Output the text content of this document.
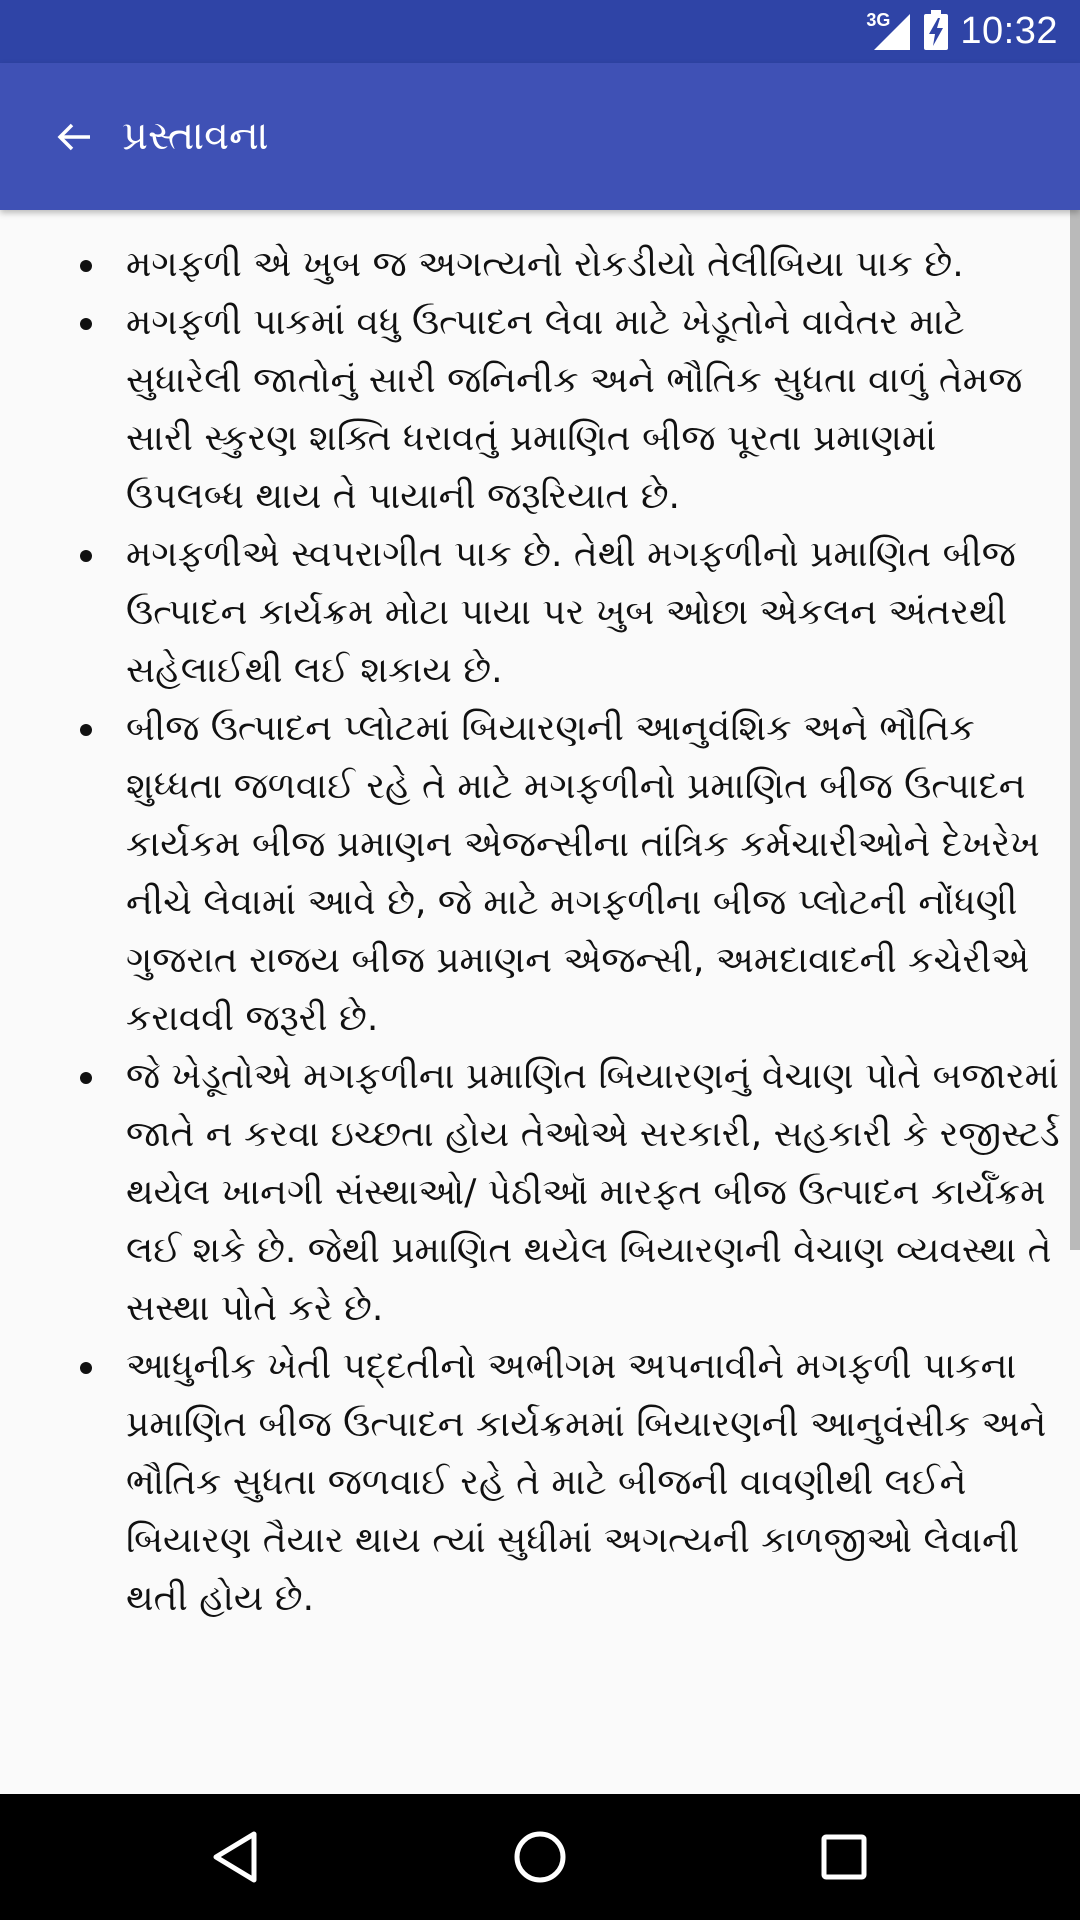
3G 10:32
પ્રસ્તાવના
મગફળી એ ખુબ જ અગત્યનો રોકડીયો તેલીબિયા પાક છે.
મગફળી પાકમાં વધુ ઉત્પાદન લેવા માટે ખેડૂતોને વાવેતર માટે સુધારેલી જાતોનું સારી જનિનીક અને ભૌતિક સુધતા વાળું તેમજ સારી સ્કુરણ શક્તિ ધરાવતું પ્રમાણિત બીજ પૂરતા પ્રમાણમાં ઉપલબ્ધ થાય તે પાયાની જરૂરિયાત છે.
મગફળીએ સ્વપરાગીત પાક છે. તેથી મગફળીનો પ્રમાણિત બીજ ઉત્પાદન કાર્યક્રમ મોટા પાયા પર ખુબ ઓછા એકલન અંતરથી સહેલાઈથી લઈ શકાય છે.
બીજ ઉત્પાદન પ્લોટમાં બિયારણની આનુવંશિક અને ભૌતિક શુધ્ધતા જળવાઈ રહે તે માટે મગફળીનો પ્રમાણિત બીજ ઉત્પાદન કાર્યકમ બીજ પ્રમાણન એજન્સીના તાંત્રિક કર્મચારીઓને દેખરેખ નીચે લેવામાં આવે છે, જે માટે મગફળીના બીજ પ્લોટની નોંધણી ગુજરાત રાજય બીજ પ્રમાણન એજન્સી, અમદાવાદની કચેરીએ કરાવવી જરૂરી છે.
જે ખેડૂતોએ મગફળીના પ્રમાણિત બિયારણનું વેચાણ પોતે બજારમાં જાતે ન કરવા ઇચ્છતા હોય તેઓએ સરકારી, સહકારી કે રજીસ્ટર્ડ થયેલ ખાનગી સંસ્થાઓ/ પેઠીઑ મારફત બીજ ઉત્પાદન કાર્યઁક્રમ લઈ શકે છે. જેથી પ્રમાણિત થયેલ બિયારણની વેચાણ વ્યવસ્થા તે સસ્થા પોતે કરે છે.
આધુનીક ખેતી પદ્દતીનો અભીગમ અપનાવીને મગફળી પાકના પ્રમાણિત બીજ ઉત્પાદન કાર્યક્રમમાં બિયારણની આનુવંસીક અને ભૌતિક સુધતા જળવાઈ રહે તે માટે બીજની વાવણીથી લઈને બિયારણ તૈયાર થાય ત્યાં સુધીમાં અગત્યની કાળજીઓ લેવાની થતી હોય છે.
